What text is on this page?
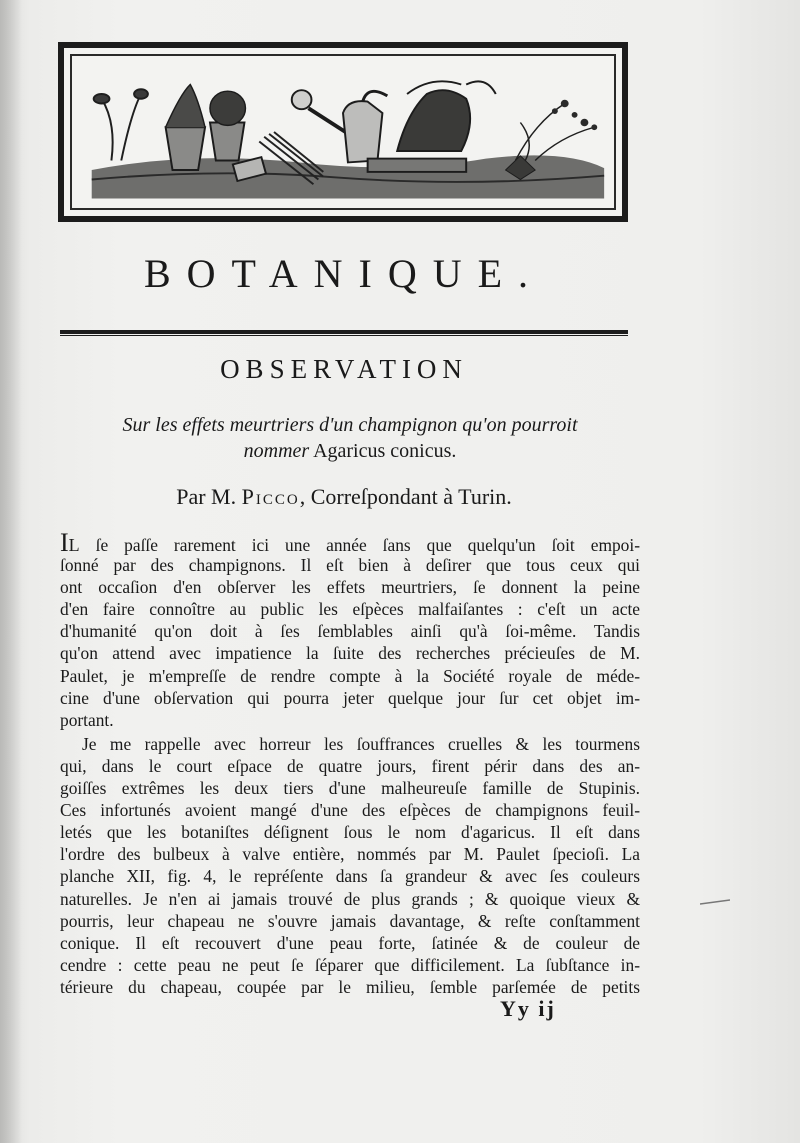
BOTANIQUE.
OBSERVATION
Sur les effets meurtriers d'un champignon qu'on pourroit
nommer Agaricus conicus.
Par M. Picco, Correſpondant à Turin.
Il ſe paſſe rarement ici une année ſans que quelqu'un ſoit empoi-
ſonné par des champignons. Il eſt bien à deſirer que tous ceux qui
ont occaſion d'en obſerver les effets meurtriers, ſe donnent la peine
d'en faire connoître au public les eſpèces malfaiſantes : c'eſt un acte
d'humanité qu'on doit à ſes ſemblables ainſi qu'à ſoi-même. Tandis
qu'on attend avec impatience la ſuite des recherches précieuſes de M.
Paulet, je m'empreſſe de rendre compte à la Société royale de méde-
cine d'une obſervation qui pourra jeter quelque jour ſur cet objet im-
portant.
Je me rappelle avec horreur les ſouffrances cruelles & les tourmens
qui, dans le court eſpace de quatre jours, firent périr dans des an-
goiſſes extrêmes les deux tiers d'une malheureuſe famille de Stupinis.
Ces infortunés avoient mangé d'une des eſpèces de champignons feuil-
letés que les botaniſtes déſignent ſous le nom d'agaricus. Il eſt dans
l'ordre des bulbeux à valve entière, nommés par M. Paulet ſpecioſi. La
planche XII, fig. 4, le repréſente dans ſa grandeur & avec ſes couleurs
naturelles. Je n'en ai jamais trouvé de plus grands ; & quoique vieux &
pourris, leur chapeau ne s'ouvre jamais davantage, & reſte conſtamment
conique. Il eſt recouvert d'une peau forte, ſatinée & de couleur de
cendre : cette peau ne peut ſe ſéparer que difficilement. La ſubſtance in-
térieure du chapeau, coupée par le milieu, ſemble parſemée de petits
Yy ij
